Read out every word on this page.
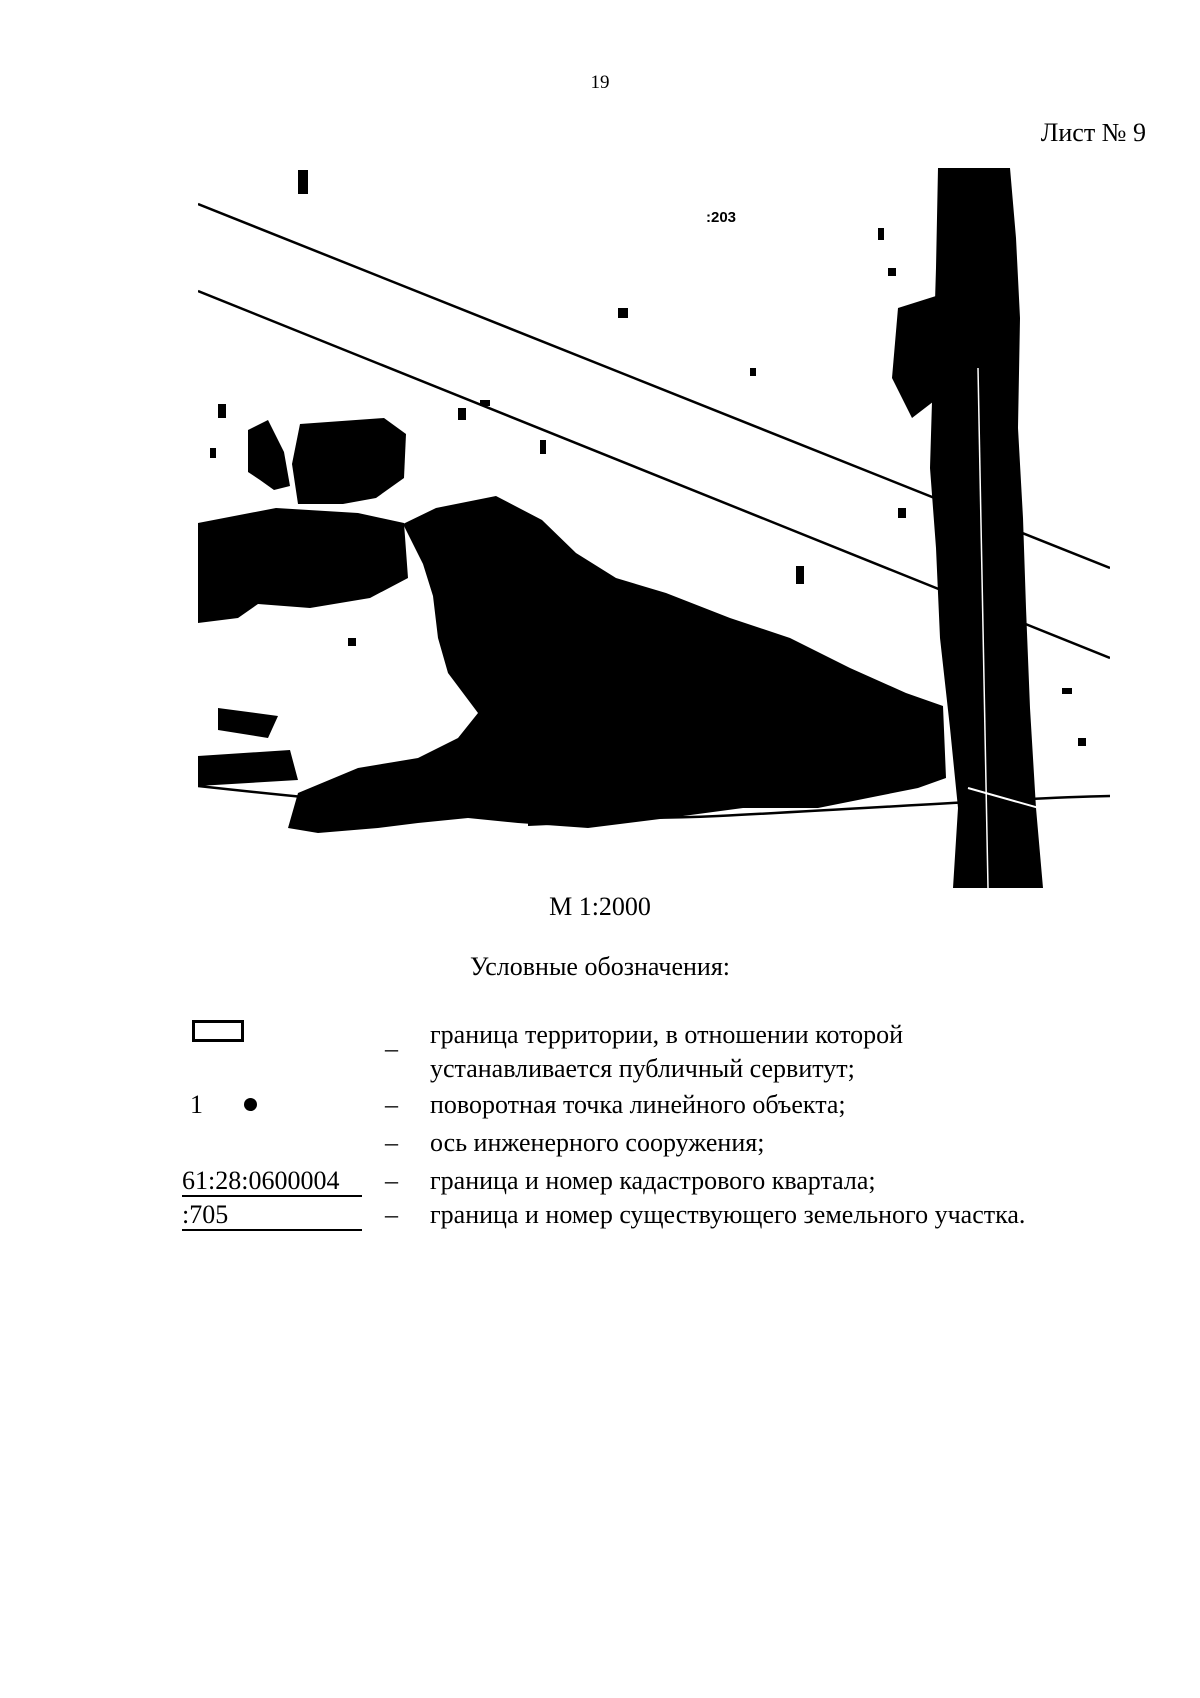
19
Лист № 9
:203
М 1:2000
Условные обозначения:
–	граница территории, в отношении которой
устанавливается публичный сервитут;
1	–	поворотная точка линейного объекта;
–	ось инженерного сооружения;
61:28:0600004 –	граница и номер кадастрового квартала;
:705	–	граница и номер существующего земельного участка.
